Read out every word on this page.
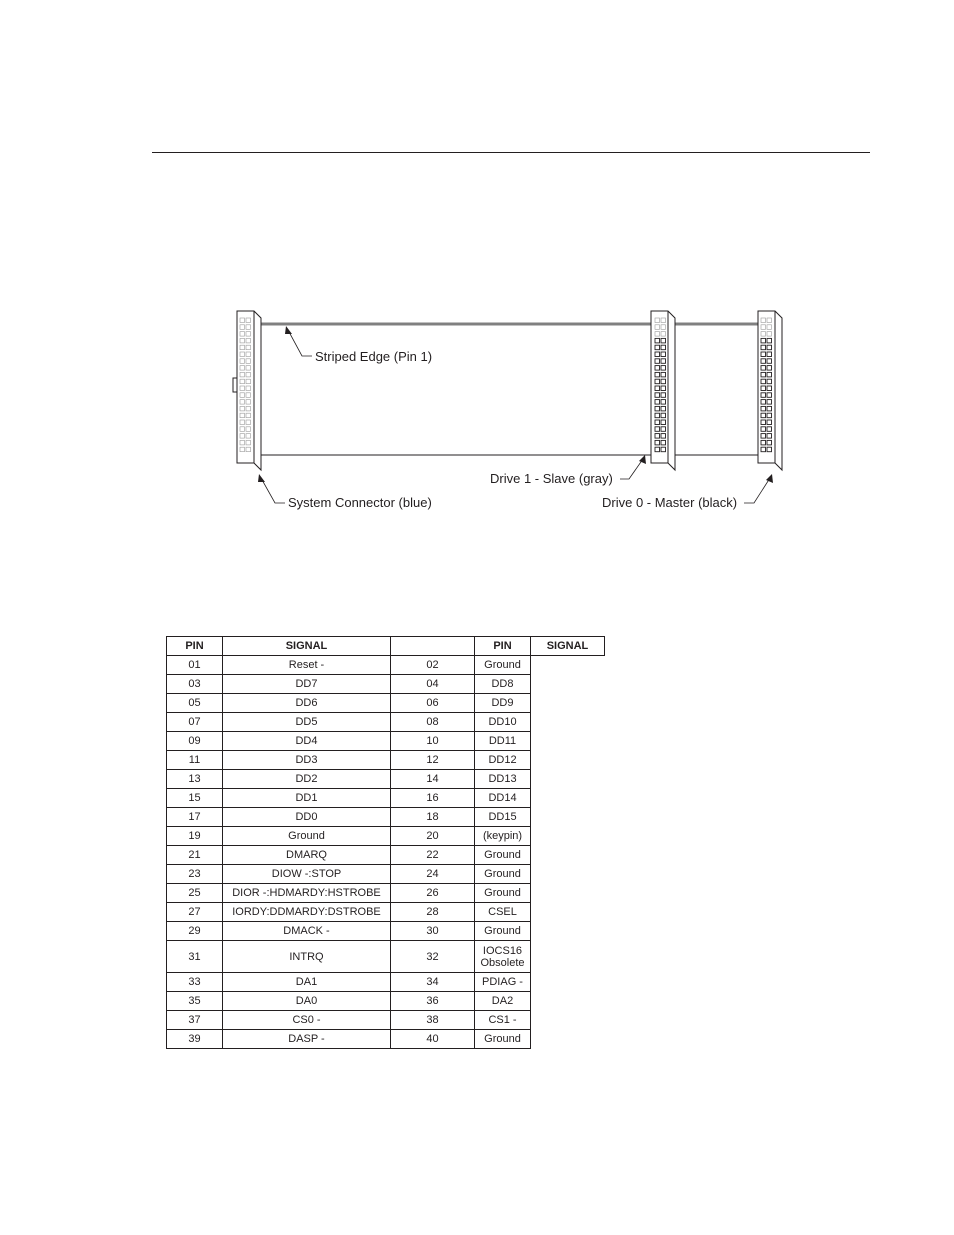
Striped Edge (Pin 1)
System Connector (blue)
Drive 1 - Slave (gray)
Drive 0 - Master (black)
PIN	SIGNAL		PIN	SIGNAL
01	Reset -	02	Ground	
03	DD7	04	DD8	
05	DD6	06	DD9	
07	DD5	08	DD10	
09	DD4	10	DD11	
11	DD3	12	DD12	
13	DD2	14	DD13	
15	DD1	16	DD14	
17	DD0	18	DD15	
19	Ground	20	(keypin)	
21	DMARQ	22	Ground	
23	DIOW -:STOP	24	Ground	
25	DIOR -:HDMARDY:HSTROBE	26	Ground	
27	IORDY:DDMARDY:DSTROBE	28	CSEL	
29	DMACK -	30	Ground	
31	INTRQ	32	IOCS16
Obsolete	
33	DA1	34	PDIAG -	
35	DA0	36	DA2	
37	CS0 -	38	CS1 -	
39	DASP -	40	Ground	
